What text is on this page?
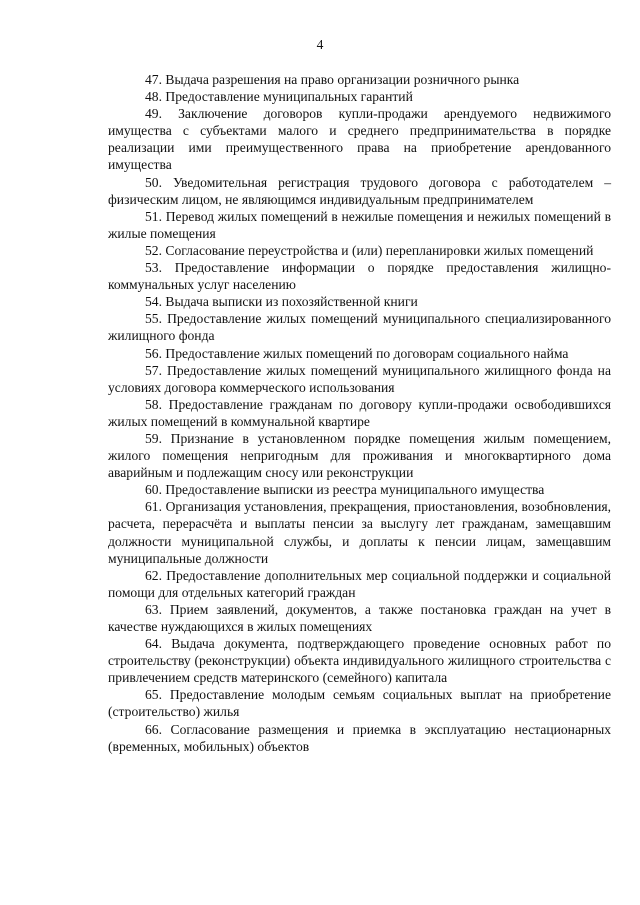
4

47. Выдача разрешения на право организации розничного рынка

48. Предоставление муниципальных гарантий

49. Заключение договоров купли-продажи арендуемого недвижимого имущества с субъектами малого и среднего предпринимательства в порядке реализации ими преимущественного права на приобретение арендованного имущества

50. Уведомительная регистрация трудового договора с работодателем – физическим лицом, не являющимся индивидуальным предпринимателем

51. Перевод жилых помещений в нежилые помещения и нежилых помещений в жилые помещения

52. Согласование переустройства и (или) перепланировки жилых помещений

53. Предоставление информации о порядке предоставления жилищно-коммунальных услуг населению

54. Выдача выписки из похозяйственной книги

55. Предоставление жилых помещений муниципального специализированного жилищного фонда

56. Предоставление жилых помещений по договорам социального найма

57. Предоставление жилых помещений муниципального жилищного фонда на условиях договора коммерческого использования

58. Предоставление гражданам по договору купли-продажи освободившихся жилых помещений в коммунальной квартире

59. Признание в установленном порядке помещения жилым помещением, жилого помещения непригодным для проживания и многоквартирного дома аварийным и подлежащим сносу или реконструкции

60. Предоставление выписки из реестра муниципального имущества

61. Организация установления, прекращения, приостановления, возобновления, расчета, перерасчёта и выплаты пенсии за выслугу лет гражданам, замещавшим должности муниципальной службы, и доплаты к пенсии лицам, замещавшим муниципальные должности

62. Предоставление дополнительных мер социальной поддержки и социальной помощи для отдельных категорий граждан

63. Прием заявлений, документов, а также постановка граждан на учет в качестве нуждающихся в жилых помещениях

64. Выдача документа, подтверждающего проведение основных работ по строительству (реконструкции) объекта индивидуального жилищного строительства с привлечением средств материнского (семейного) капитала

65. Предоставление молодым семьям социальных выплат на приобретение (строительство) жилья

66. Согласование размещения и приемка в эксплуатацию нестационарных (временных, мобильных) объектов
